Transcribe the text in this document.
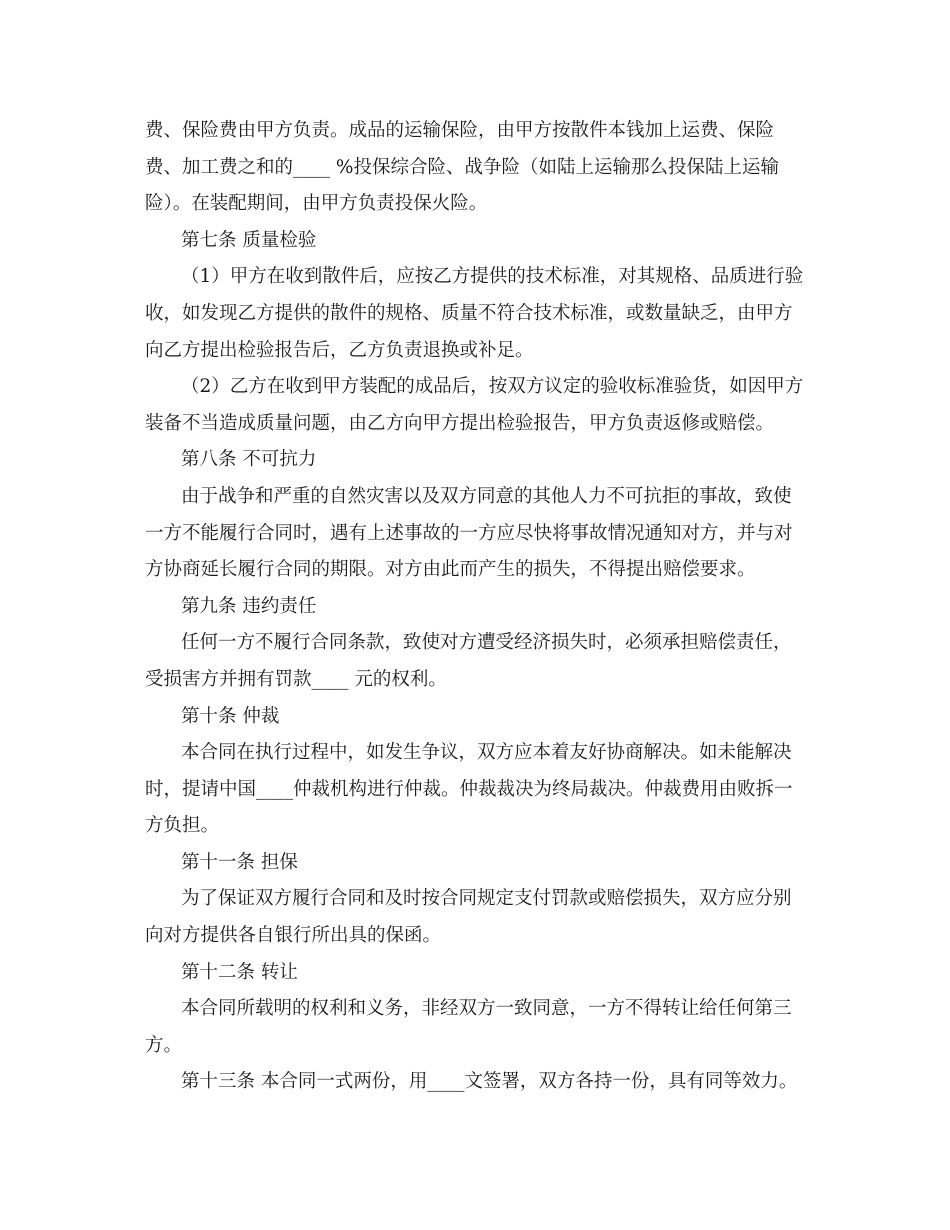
费、保险费由甲方负责。成品的运输保险，由甲方按散件本钱加上运费、保险
费、加工费之和的____ %投保综合险、战争险（如陆上运输那么投保陆上运输
险）。在装配期间，由甲方负责投保火险。
第七条 质量检验
（1）甲方在收到散件后，应按乙方提供的技术标准，对其规格、品质进行验
收，如发现乙方提供的散件的规格、质量不符合技术标准，或数量缺乏，由甲方
向乙方提出检验报告后，乙方负责退换或补足。
（2）乙方在收到甲方装配的成品后，按双方议定的验收标准验货，如因甲方
装备不当造成质量问题，由乙方向甲方提出检验报告，甲方负责返修或赔偿。
第八条 不可抗力
由于战争和严重的自然灾害以及双方同意的其他人力不可抗拒的事故，致使
一方不能履行合同时，遇有上述事故的一方应尽快将事故情况通知对方，并与对
方协商延长履行合同的期限。对方由此而产生的损失，不得提出赔偿要求。
第九条 违约责任
任何一方不履行合同条款，致使对方遭受经济损失时，必须承担赔偿责任，
受损害方并拥有罚款____ 元的权利。
第十条 仲裁
本合同在执行过程中，如发生争议，双方应本着友好协商解决。如未能解决
时，提请中国____仲裁机构进行仲裁。仲裁裁决为终局裁决。仲裁费用由败拆一
方负担。
第十一条 担保
为了保证双方履行合同和及时按合同规定支付罚款或赔偿损失，双方应分别
向对方提供各自银行所出具的保函。
第十二条 转让
本合同所载明的权利和义务，非经双方一致同意，一方不得转让给任何第三
方。
第十三条 本合同一式两份，用____文签署，双方各持一份，具有同等效力。
